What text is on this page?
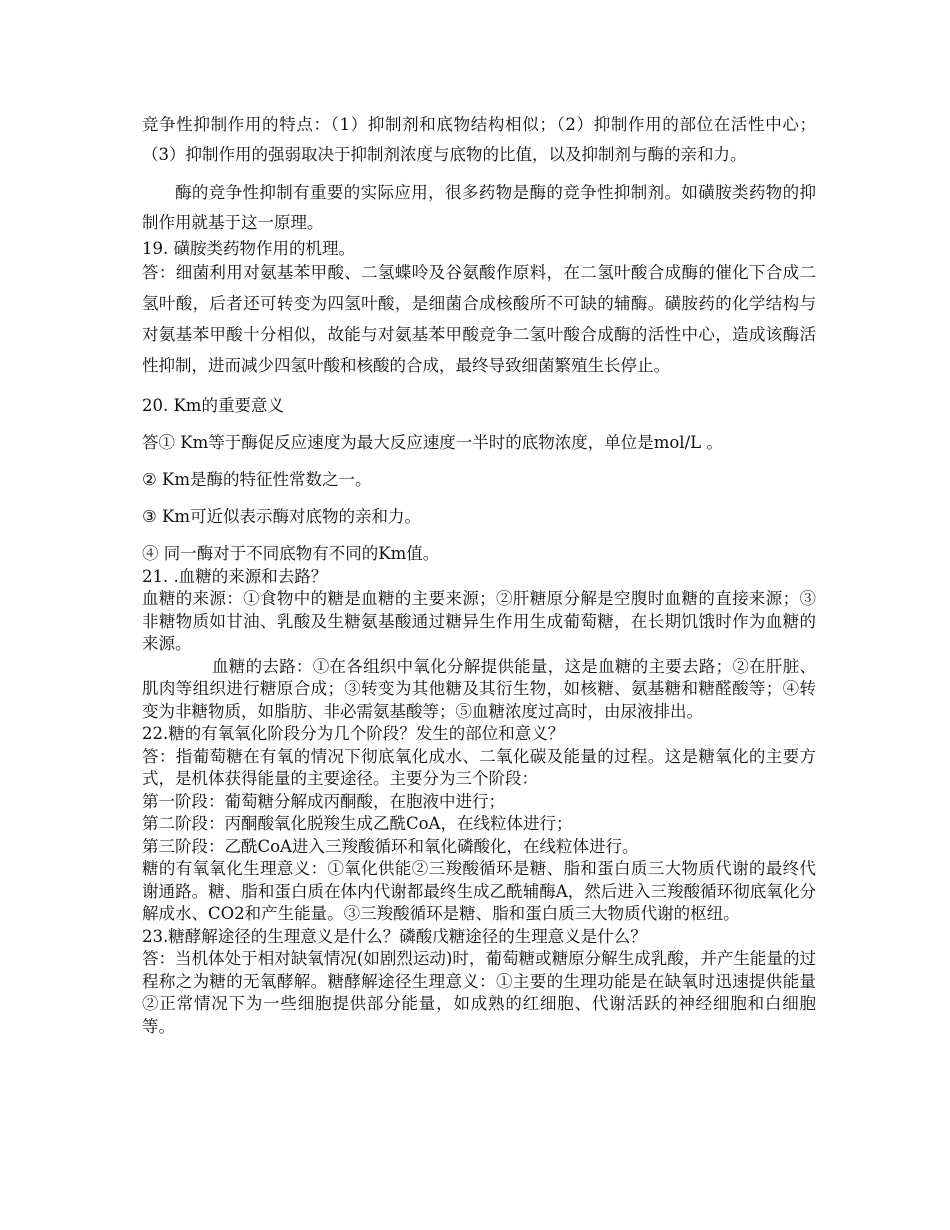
竞争性抑制作用的特点：（1）抑制剂和底物结构相似；（2）抑制作用的部位在活性中心；（3）抑制作用的强弱取决于抑制剂浓度与底物的比值，以及抑制剂与酶的亲和力。

酶的竞争性抑制有重要的实际应用，很多药物是酶的竞争性抑制剂。如磺胺类药物的抑制作用就基于这一原理。

19. 磺胺类药物作用的机理。

答：细菌利用对氨基苯甲酸、二氢蝶呤及谷氨酸作原料，在二氢叶酸合成酶的催化下合成二氢叶酸，后者还可转变为四氢叶酸，是细菌合成核酸所不可缺的辅酶。磺胺药的化学结构与对氨基苯甲酸十分相似，故能与对氨基苯甲酸竞争二氢叶酸合成酶的活性中心，造成该酶活性抑制，进而减少四氢叶酸和核酸的合成，最终导致细菌繁殖生长停止。

20. Km的重要意义

答① Km等于酶促反应速度为最大反应速度一半时的底物浓度，单位是mol/L 。

② Km是酶的特征性常数之一。

③ Km可近似表示酶对底物的亲和力。

④ 同一酶对于不同底物有不同的Km值。

21. .血糖的来源和去路？

血糖的来源：①食物中的糖是血糖的主要来源；②肝糖原分解是空腹时血糖的直接来源；③非糖物质如甘油、乳酸及生糖氨基酸通过糖异生作用生成葡萄糖，在长期饥饿时作为血糖的来源。

血糖的去路：①在各组织中氧化分解提供能量，这是血糖的主要去路；②在肝脏、肌肉等组织进行糖原合成；③转变为其他糖及其衍生物，如核糖、氨基糖和糖醛酸等；④转变为非糖物质，如脂肪、非必需氨基酸等；⑤血糖浓度过高时，由尿液排出。

22.糖的有氧氧化阶段分为几个阶段？发生的部位和意义？

答：指葡萄糖在有氧的情况下彻底氧化成水、二氧化碳及能量的过程。这是糖氧化的主要方式，是机体获得能量的主要途径。主要分为三个阶段：

第一阶段：葡萄糖分解成丙酮酸，在胞液中进行；

第二阶段：丙酮酸氧化脱羧生成乙酰CoA，在线粒体进行；

第三阶段：乙酰CoA进入三羧酸循环和氧化磷酸化，在线粒体进行。

糖的有氧氧化生理意义：①氧化供能②三羧酸循环是糖、脂和蛋白质三大物质代谢的最终代谢通路。糖、脂和蛋白质在体内代谢都最终生成乙酰辅酶A，然后进入三羧酸循环彻底氧化分解成水、CO2和产生能量。③三羧酸循环是糖、脂和蛋白质三大物质代谢的枢纽。

23.糖酵解途径的生理意义是什么？磷酸戊糖途径的生理意义是什么？

答：当机体处于相对缺氧情况(如剧烈运动)时，葡萄糖或糖原分解生成乳酸，并产生能量的过程称之为糖的无氧酵解。糖酵解途径生理意义：①主要的生理功能是在缺氧时迅速提供能量②正常情况下为一些细胞提供部分能量，如成熟的红细胞、代谢活跃的神经细胞和白细胞等。
